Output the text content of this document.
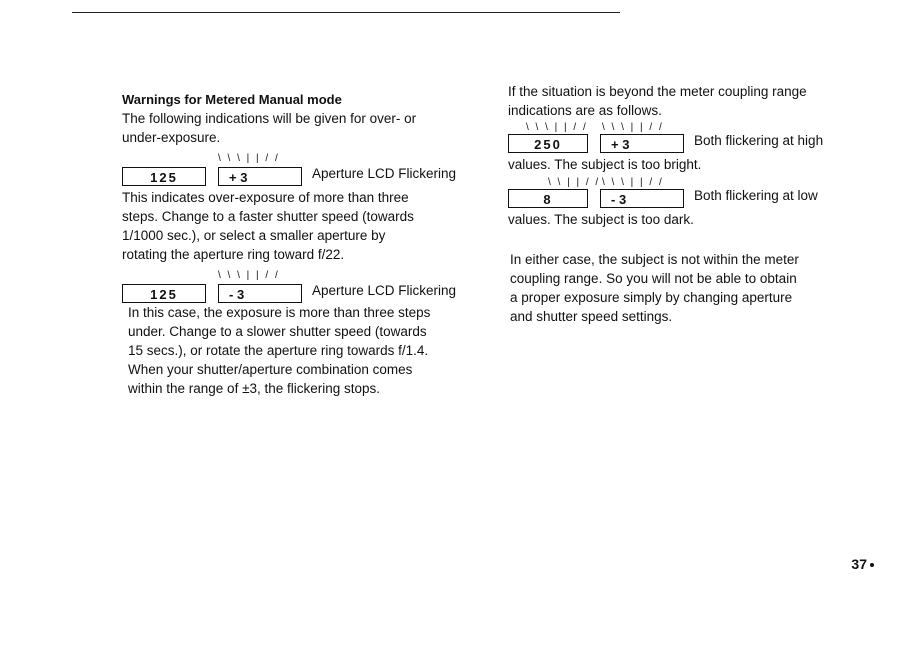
Warnings for Metered Manual mode
The following indications will be given for over- or
under-exposure.
\ \ \ | | / /
125	+ 3	Aperture LCD Flickering
This indicates over-exposure of more than three
steps. Change to a faster shutter speed (towards
1/1000 sec.), or select a smaller aperture by
rotating the aperture ring toward f/22.
\ \ \ | | / /
125	- 3	Aperture LCD Flickering
In this case, the exposure is more than three steps
under. Change to a slower shutter speed (towards
15 secs.), or rotate the aperture ring towards f/1.4.
When your shutter/aperture combination comes
within the range of ±3, the flickering stops.
If the situation is beyond the meter coupling range
indications are as follows.
\ \ \ | | / / \ \ \ | | / /
250	+ 3	Both flickering at high
values. The subject is too bright.
\ \ | | / / \ \ \ | | / /
8	- 3	Both flickering at low
values. The subject is too dark.
In either case, the subject is not within the meter
coupling range. So you will not be able to obtain
a proper exposure simply by changing aperture
and shutter speed settings.
37
